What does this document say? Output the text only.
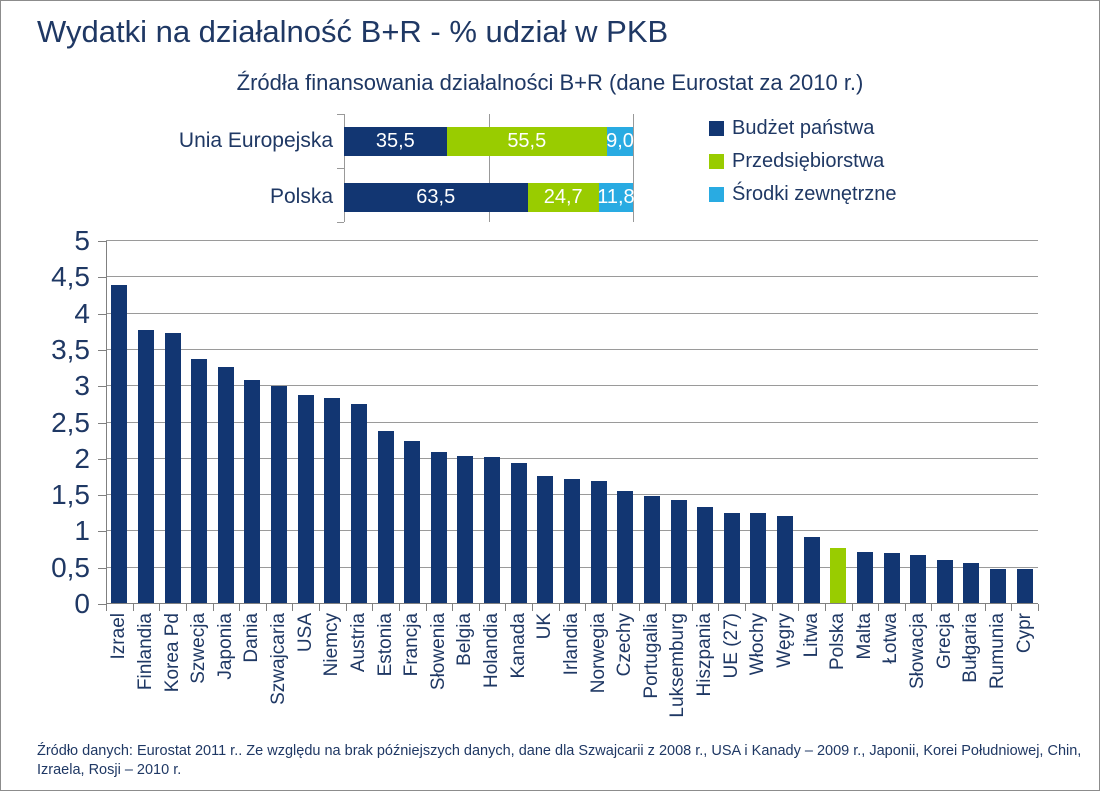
Wydatki na działalność B+R - % udział w PKB
Źródła finansowania działalności B+R (dane Eurostat za 2010 r.)
Unia Europejska
Polska
35,5	55,5	9,0
63,5	24,7 11,8
Budżet państwa
Przedsiębiorstwa
Środki zewnętrzne
0
0,5
1
1,5
2
2,5
3
3,5
4
4,5
5
Izrael Finlandia Korea Pd Szwecja Japonia Dania Szwajcaria USA Niemcy Austria Estonia Francja Słowenia Belgia Holandia Kanada UK Irlandia Norwegia Czechy Portugalia Luksemburg Hiszpania UE (27) Włochy Węgry Litwa Polska Malta Łotwa Słowacja Grecja Bułgaria Rumunia Cypr
Źródło danych: Eurostat 2011 r.. Ze względu na brak późniejszych danych, dane dla Szwajcarii z 2008 r., USA i Kanady – 2009 r., Japonii, Korei Południowej, Chin,
Izraela, Rosji – 2010 r.
